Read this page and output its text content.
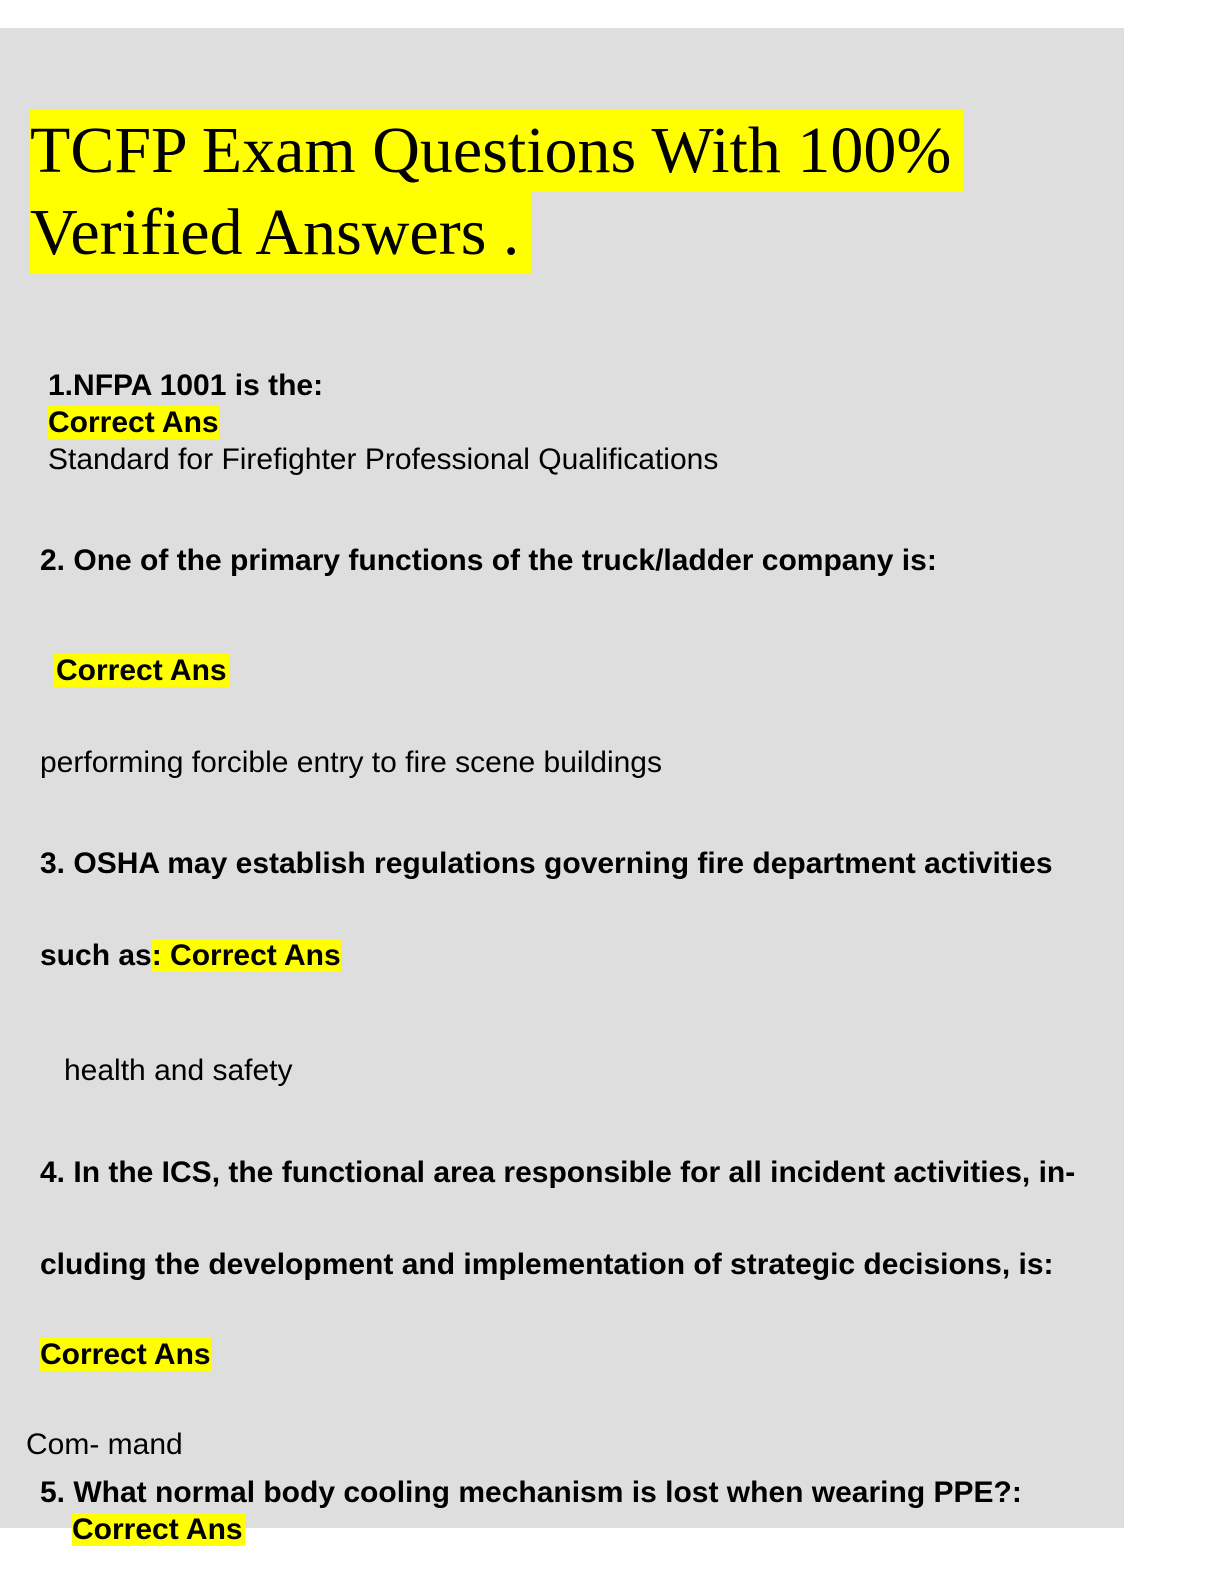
TCFP Exam Questions With 100%
Verified Answers .
1.NFPA 1001 is the:
Correct Ans
Standard for Firefighter Professional Qualifications
2. One of the primary functions of the truck/ladder company is:
Correct Ans
performing forcible entry to fire scene buildings
3. OSHA may establish regulations governing fire department activities
such as: Correct Ans
health and safety
4. In the ICS, the functional area responsible for all incident activities, in-
cluding the development and implementation of strategic decisions, is:
Correct Ans
Com- mand
5. What normal body cooling mechanism is lost when wearing PPE?:
Correct Ans
